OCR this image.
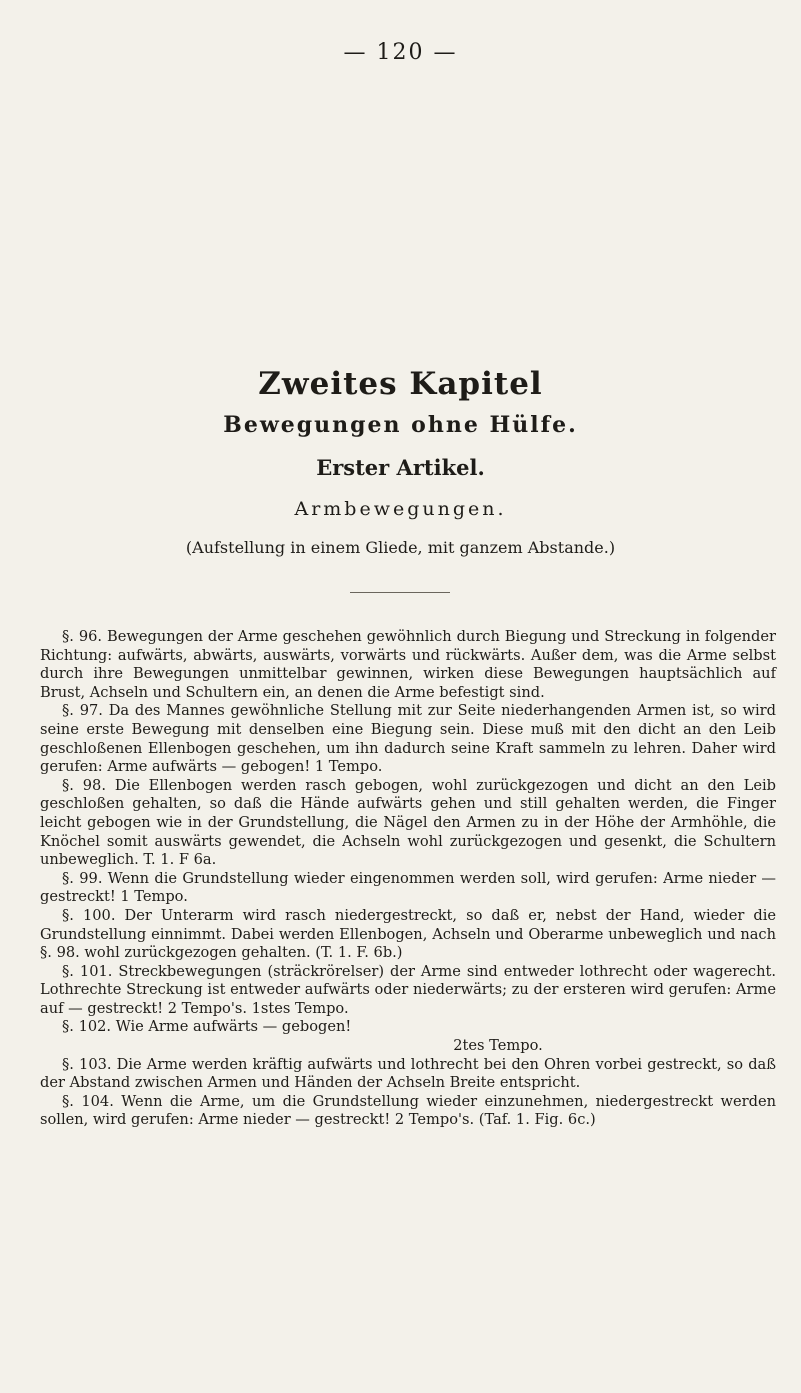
— 120 —
Zweites Kapitel
Bewegungen ohne Hülfe.
Erster Artikel.
Armbewegungen.
(Aufstellung in einem Gliede, mit ganzem Abstande.)

§. 96. Bewegungen der Arme geschehen gewöhnlich durch Biegung und Streckung in folgender Richtung: aufwärts, abwärts, auswärts, vorwärts und rückwärts. Außer dem, was die Arme selbst durch ihre Bewegungen unmittelbar gewinnen, wirken diese Bewegungen hauptsächlich auf Brust, Achseln und Schultern ein, an denen die Arme befestigt sind.

§. 97. Da des Mannes gewöhnliche Stellung mit zur Seite niederhangenden Armen ist, so wird seine erste Bewegung mit denselben eine Biegung sein. Diese muß mit den dicht an den Leib geschloßenen Ellenbogen geschehen, um ihn dadurch seine Kraft sammeln zu lehren. Daher wird gerufen: Arme aufwärts — gebogen! 1 Tempo.

§. 98. Die Ellenbogen werden rasch gebogen, wohl zurückgezogen und dicht an den Leib geschloßen gehalten, so daß die Hände aufwärts gehen und still gehalten werden, die Finger leicht gebogen wie in der Grundstellung, die Nägel den Armen zu in der Höhe der Armhöhle, die Knöchel somit auswärts gewendet, die Achseln wohl zurückgezogen und gesenkt, die Schultern unbeweglich. T. 1. F 6a.

§. 99. Wenn die Grundstellung wieder eingenommen werden soll, wird gerufen: Arme nieder — gestreckt! 1 Tempo.

§. 100. Der Unterarm wird rasch niedergestreckt, so daß er, nebst der Hand, wieder die Grundstellung einnimmt. Dabei werden Ellenbogen, Achseln und Oberarme unbeweglich und nach §. 98. wohl zurückgezogen gehalten. (T. 1. F. 6b.)

§. 101. Streckbewegungen (sträckrörelser) der Arme sind entweder lothrecht oder wagerecht. Lothrechte Streckung ist entweder aufwärts oder niederwärts; zu der ersteren wird gerufen: Arme auf — gestreckt! 2 Tempo's. 1stes Tempo.

§. 102. Wie Arme aufwärts — gebogen!

2tes Tempo.

§. 103. Die Arme werden kräftig aufwärts und lothrecht bei den Ohren vorbei gestreckt, so daß der Abstand zwischen Armen und Händen der Achseln Breite entspricht.

§. 104. Wenn die Arme, um die Grundstellung wieder einzunehmen, niedergestreckt werden sollen, wird gerufen: Arme nieder — gestreckt! 2 Tempo's. (Taf. 1. Fig. 6c.)
